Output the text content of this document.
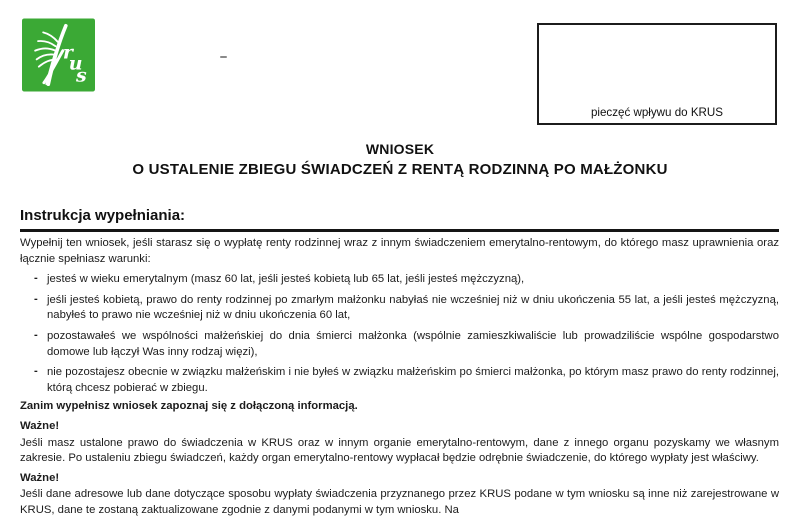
r
u
s
pieczęć wpływu do KRUS
WNIOSEK
O USTALENIE ZBIEGU ŚWIADCZEŃ Z RENTĄ RODZINNĄ PO MAŁŻONKU
Instrukcja wypełniania:

Wypełnij ten wniosek, jeśli starasz się o wypłatę renty rodzinnej wraz z innym świadczeniem emerytalno-rentowym, do którego masz uprawnienia oraz łącznie spełniasz warunki:

- jesteś w wieku emerytalnym (masz 60 lat, jeśli jesteś kobietą lub 65 lat, jeśli jesteś mężczyzną),
- jeśli jesteś kobietą, prawo do renty rodzinnej po zmarłym małżonku nabyłaś nie wcześniej niż w dniu ukończenia 55 lat, a jeśli jesteś mężczyzną, nabyłeś to prawo nie wcześniej niż w dniu ukończenia 60 lat,
- pozostawałeś we wspólności małżeńskiej do dnia śmierci małżonka (wspólnie zamieszkiwaliście lub prowadziliście wspólne gospodarstwo domowe lub łączył Was inny rodzaj więzi),
- nie pozostajesz obecnie w związku małżeńskim i nie byłeś w związku małżeńskim po śmierci małżonka, po którym masz prawo do renty rodzinnej, którą chcesz pobierać w zbiegu.

Zanim wypełnisz wniosek zapoznaj się z dołączoną informacją.

Ważne!

Jeśli masz ustalone prawo do świadczenia w KRUS oraz w innym organie emerytalno-rentowym, dane z innego organu pozyskamy we własnym zakresie. Po ustaleniu zbiegu świadczeń, każdy organ emerytalno-rentowy wypłacał będzie odrębnie świadczenie, do którego wypłaty jest właściwy.

Ważne!

Jeśli dane adresowe lub dane dotyczące sposobu wypłaty świadczenia przyznanego przez KRUS podane w tym wniosku są inne niż zarejestrowane w KRUS, dane te zostaną zaktualizowane zgodnie z danymi podanymi w tym wniosku. Na
